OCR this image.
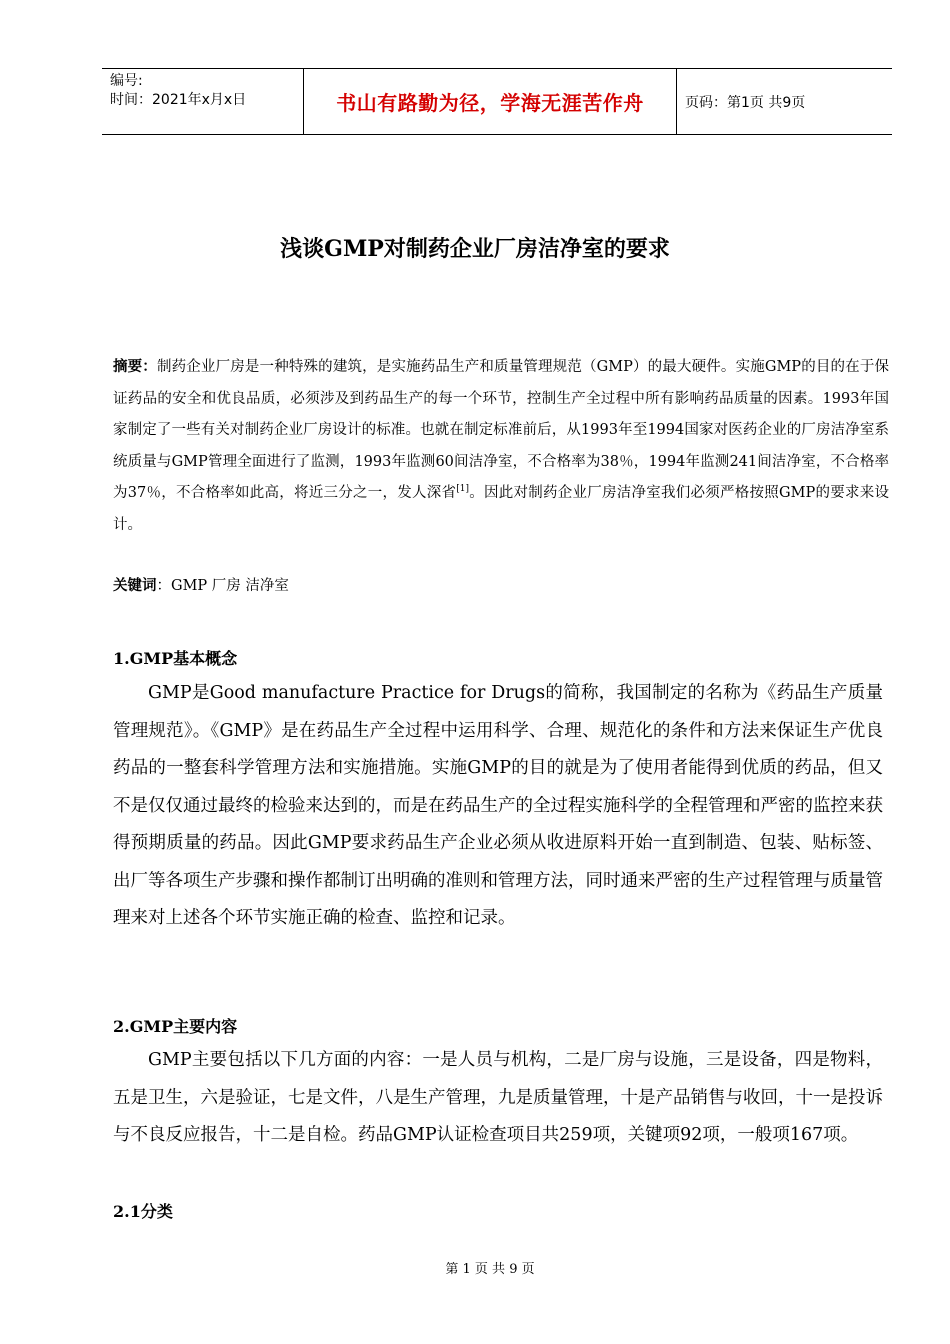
编号:
时间：2021年x月x日	书山有路勤为径，学海无涯苦作舟	页码：第1页 共9页
浅谈GMP对制药企业厂房洁净室的要求
摘要：制药企业厂房是一种特殊的建筑，是实施药品生产和质量管理规范（GMP）的最大硬件。实施GMP的目的在于保证药品的安全和优良品质，必须涉及到药品生产的每一个环节，控制生产全过程中所有影响药品质量的因素。1993年国家制定了一些有关对制药企业厂房设计的标准。也就在制定标准前后，从1993年至1994国家对医药企业的厂房洁净室系统质量与GMP管理全面进行了监测，1993年监测60间洁净室，不合格率为38％，1994年监测241间洁净室，不合格率为37％，不合格率如此高，将近三分之一，发人深省[1]。因此对制药企业厂房洁净室我们必须严格按照GMP的要求来设计。
关键词：GMP 厂房 洁净室
1.GMP基本概念
GMP是Good manufacture Practice for Drugs的简称，我国制定的名称为《药品生产质量管理规范》。《GMP》是在药品生产全过程中运用科学、合理、规范化的条件和方法来保证生产优良药品的一整套科学管理方法和实施措施。实施GMP的目的就是为了使用者能得到优质的药品，但又不是仅仅通过最终的检验来达到的，而是在药品生产的全过程实施科学的全程管理和严密的监控来获得预期质量的药品。因此GMP要求药品生产企业必须从收进原料开始一直到制造、包装、贴标签、出厂等各项生产步骤和操作都制订出明确的准则和管理方法，同时通来严密的生产过程管理与质量管理来对上述各个环节实施正确的检查、监控和记录。
2.GMP主要内容
GMP主要包括以下几方面的内容：一是人员与机构，二是厂房与设施，三是设备，四是物料，五是卫生，六是验证，七是文件，八是生产管理，九是质量管理，十是产品销售与收回，十一是投诉与不良反应报告，十二是自检。药品GMP认证检查项目共259项，关键项92项，一般项167项。
2.1分类
第 1 页 共 9 页
